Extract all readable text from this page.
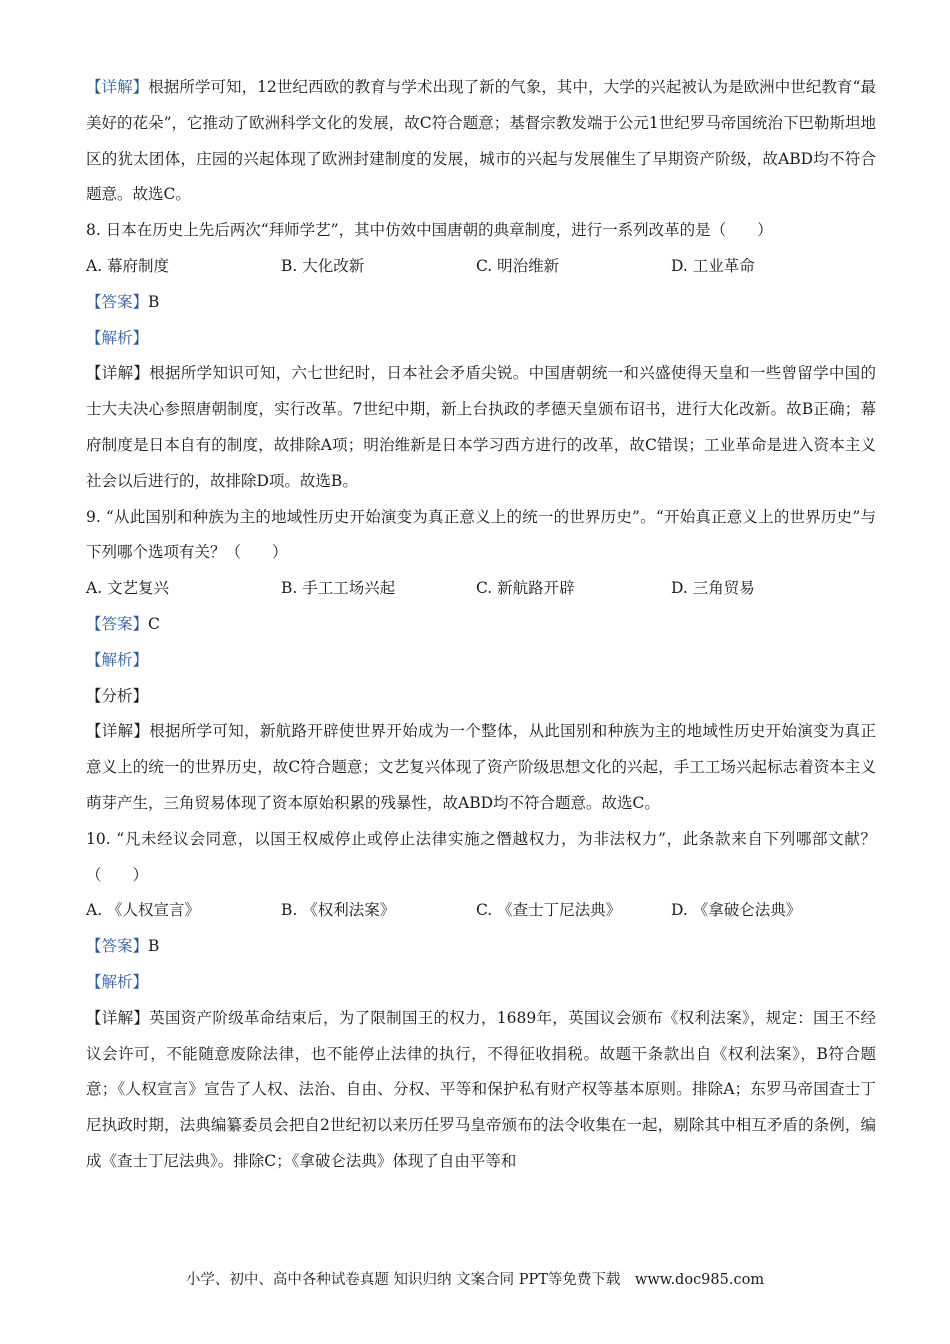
【详解】根据所学可知，12世纪西欧的教育与学术出现了新的气象，其中，大学的兴起被认为是欧洲中世纪教育“最美好的花朵”，它推动了欧洲科学文化的发展，故C符合题意；基督宗教发端于公元1世纪罗马帝国统治下巴勒斯坦地区的犹太团体，庄园的兴起体现了欧洲封建制度的发展，城市的兴起与发展催生了早期资产阶级，故ABD均不符合题意。故选C。

8. 日本在历史上先后两次“拜师学艺”，其中仿效中国唐朝的典章制度，进行一系列改革的是（　　）

A. 幕府制度	B. 大化改新	C. 明治维新	D. 工业革命

【答案】B

【解析】

【详解】根据所学知识可知，六七世纪时，日本社会矛盾尖锐。中国唐朝统一和兴盛使得天皇和一些曾留学中国的士大夫决心参照唐朝制度，实行改革。7世纪中期，新上台执政的孝德天皇颁布诏书，进行大化改新。故B正确；幕府制度是日本自有的制度，故排除A项；明治维新是日本学习西方进行的改革，故C错误；工业革命是进入资本主义社会以后进行的，故排除D项。故选B。

9. “从此国别和种族为主的地域性历史开始演变为真正意义上的统一的世界历史”。“开始真正意义上的世界历史”与下列哪个选项有关？（　　）

A. 文艺复兴	B. 手工工场兴起	C. 新航路开辟	D. 三角贸易

【答案】C

【解析】

【分析】

【详解】根据所学可知，新航路开辟使世界开始成为一个整体，从此国别和种族为主的地域性历史开始演变为真正意义上的统一的世界历史，故C符合题意；文艺复兴体现了资产阶级思想文化的兴起，手工工场兴起标志着资本主义萌芽产生，三角贸易体现了资本原始积累的残暴性，故ABD均不符合题意。故选C。

10. “凡未经议会同意，以国王权威停止或停止法律实施之僭越权力，为非法权力”，此条款来自下列哪部文献？（　　）

A. 《人权宣言》	B. 《权利法案》	C. 《查士丁尼法典》	D. 《拿破仑法典》

【答案】B

【解析】

【详解】英国资产阶级革命结束后，为了限制国王的权力，1689年，英国议会颁布《权利法案》，规定：国王不经议会许可，不能随意废除法律，也不能停止法律的执行，不得征收捐税。故题干条款出自《权利法案》，B符合题意；《人权宣言》宣告了人权、法治、自由、分权、平等和保护私有财产权等基本原则。排除A；东罗马帝国查士丁尼执政时期，法典编纂委员会把自2世纪初以来历任罗马皇帝颁布的法令收集在一起，剔除其中相互矛盾的条例，编成《查士丁尼法典》。排除C；《拿破仑法典》体现了自由平等和

小学、初中、高中各种试卷真题 知识归纳 文案合同 PPT等免费下载　www.doc985.com
